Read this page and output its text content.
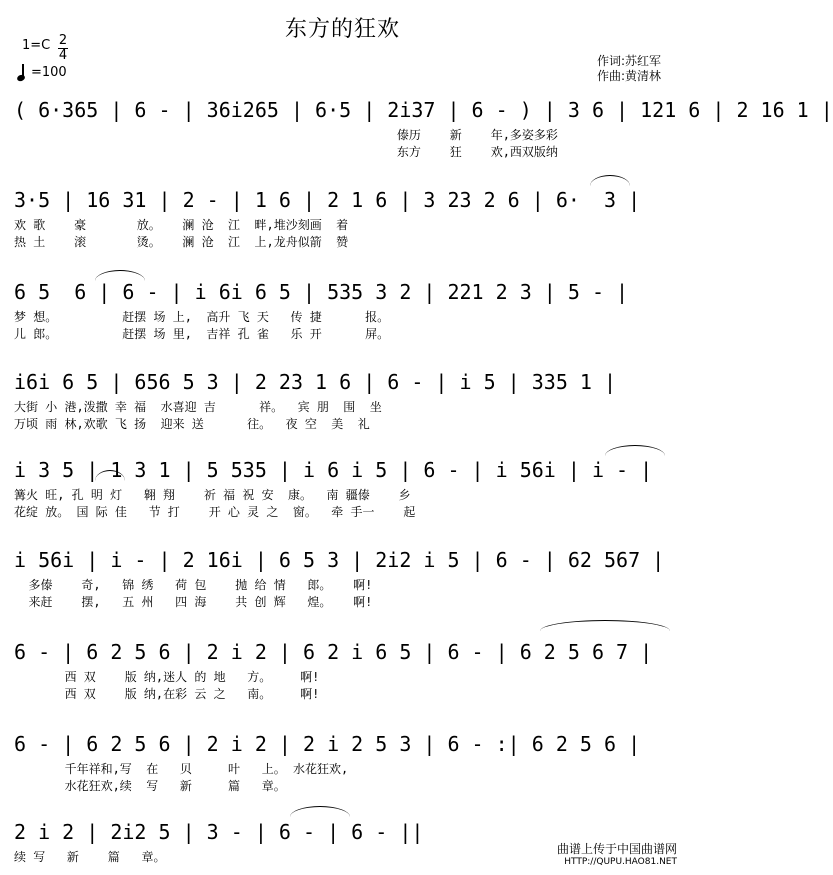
东方的狂欢
1=C 2
4
=100
作词:苏红军
作曲:黄清林
( 6·365 | 6 - | 36i265 | 6·5 | 2i37 | 6 - ) | 3 6 | 121 6 | 2 16 1 |
傣历    新    年,多姿多彩
东方    狂    欢,西双版纳
3·5 | 16 31 | 2 - | 1 6 | 2 1 6 | 3 23 2 6 | 6·  3 |
欢 歌    豪       放。   澜 沧  江  畔,堆沙刻画  着
热 土    滚       烫。   澜 沧  江  上,龙舟似箭  赞
6 5  6 | 6 - | i 6i 6 5 | 535 3 2 | 221 2 3 | 5 - |
梦 想。         赶摆 场 上,  高升 飞 天   传 捷      报。
儿 郎。         赶摆 场 里,  吉祥 孔 雀   乐 开      屏。
i6i 6 5 | 656 5 3 | 2 23 1 6 | 6 - | i 5 | 335 1 |
大街 小 港,泼撒 幸 福  水喜迎 吉      祥。  宾 朋  围  坐
万顷 雨 林,欢歌 飞 扬  迎来 送      往。  夜 空  美  礼
i 3 5 | 1 3 1 | 5 535 | i 6 i 5 | 6 - | i 56i | i - |
篝火 旺, 孔 明 灯   翱 翔    祈 福 祝 安  康。  南 疆傣    乡
花绽 放。 国 际 佳   节 打    开 心 灵 之  窗。  牵 手一    起
i 56i | i - | 2 16i | 6 5 3 | 2i2 i 5 | 6 - | 62 567 |
多傣    奇,   锦 绣   荷 包    抛 给 情   郎。   啊!
来赶    摆,   五 州   四 海    共 创 辉   煌。   啊!
6 - | 6 2 5 6 | 2 i 2 | 6 2 i 6 5 | 6 - | 6 2 5 6 7 |
西 双    版 纳,迷人 的 地   方。    啊!
西 双    版 纳,在彩 云 之   南。    啊!
6 - | 6 2 5 6 | 2 i 2 | 2 i 2 5 3 | 6 - :| 6 2 5 6 |
千年祥和,写  在   贝     叶   上。 水花狂欢,
水花狂欢,续  写   新     篇   章。
2 i 2 | 2i2 5 | 3 - | 6 - | 6 - ||
续 写   新    篇   章。
曲谱上传于中国曲谱网
HTTP://QUPU.HAO81.NET
